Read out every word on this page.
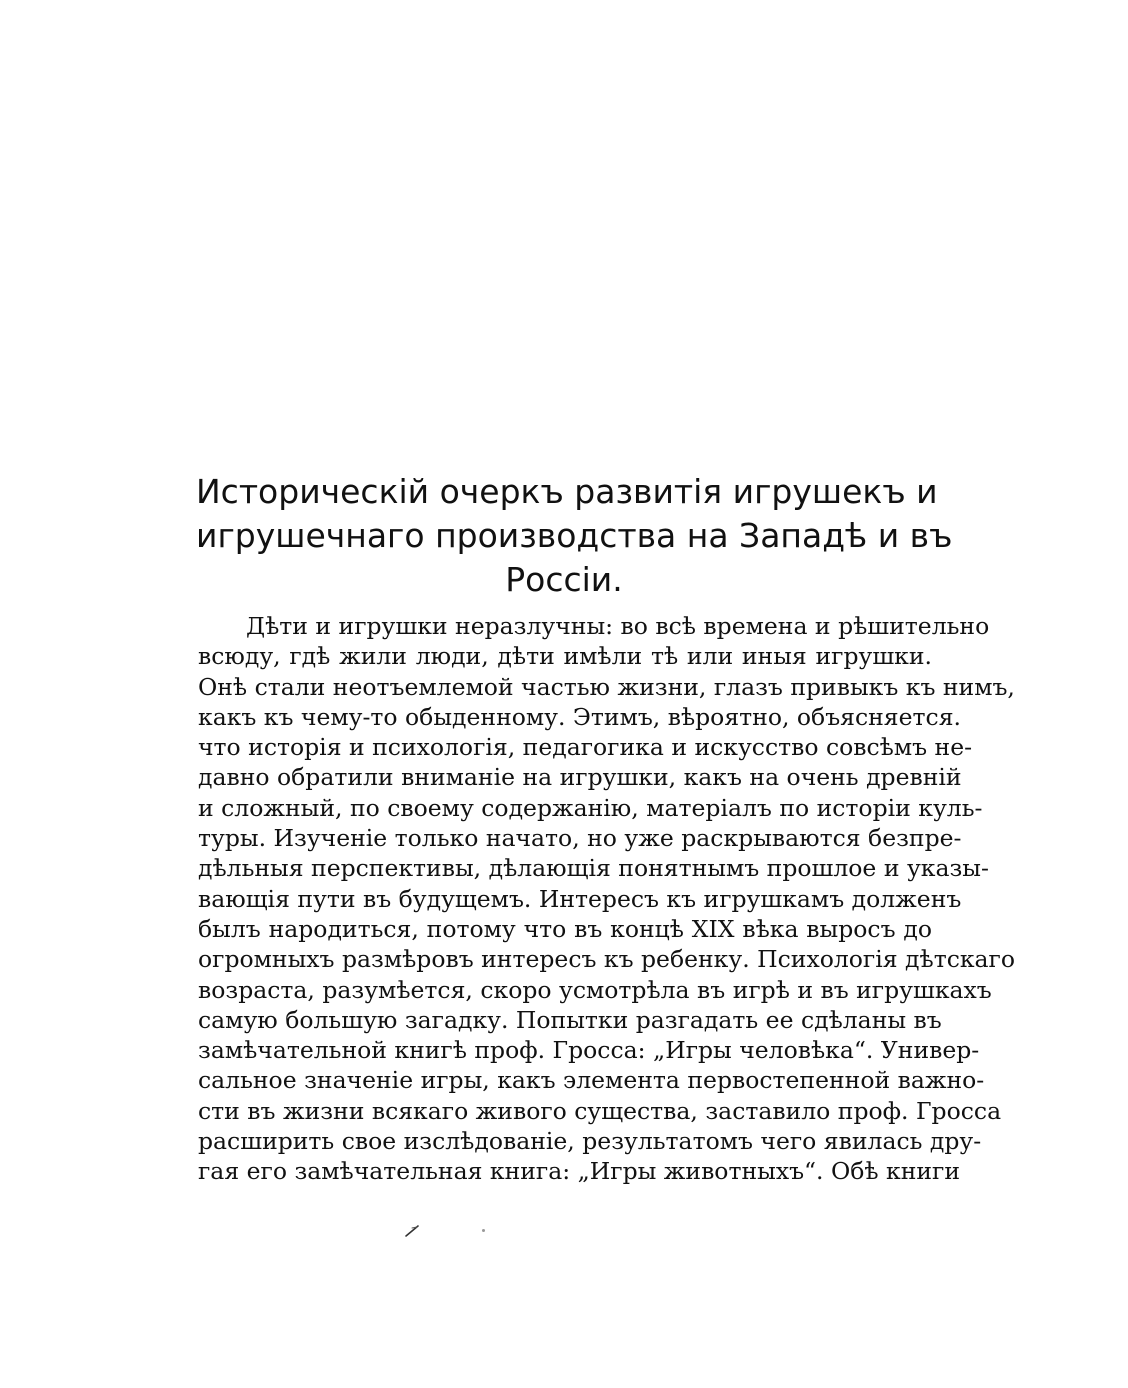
Историческій очеркъ развитія игрушекъ и
игрушечнаго производства на Западѣ и въ
Россіи.
Дѣти и игрушки неразлучны: во всѣ времена и рѣшительно
всюду, гдѣ жили люди, дѣти имѣли тѣ или иныя игрушки.
Онѣ стали неотъемлемой частью жизни, глазъ привыкъ къ нимъ,
какъ къ чему-то обыденному. Этимъ, вѣроятно, объясняется.
что исторія и психологія, педагогика и искусство совсѣмъ не-
давно обратили вниманіе на игрушки, какъ на очень древній
и сложный, по своему содержанію, матеріалъ по исторіи куль-
туры. Изученіе только начато, но уже раскрываются безпре-
дѣльныя перспективы, дѣлающія понятнымъ прошлое и указы-
вающія пути въ будущемъ. Интересъ къ игрушкамъ долженъ
былъ народиться, потому что въ концѣ XIX вѣка выросъ до
огромныхъ размѣровъ интересъ къ ребенку. Психологія дѣтскаго
возраста, разумѣется, скоро усмотрѣла въ игрѣ и въ игрушкахъ
самую большую загадку. Попытки разгадать ее сдѣланы въ
замѣчательной книгѣ проф. Гросса: „Игры человѣка“. Универ-
сальное значеніе игры, какъ элемента первостепенной важно-
сти въ жизни всякаго живого существа, заставило проф. Гросса
расширить свое изслѣдованіе, результатомъ чего явилась дру-
гая его замѣчательная книга: „Игры животныхъ“. Обѣ книги
